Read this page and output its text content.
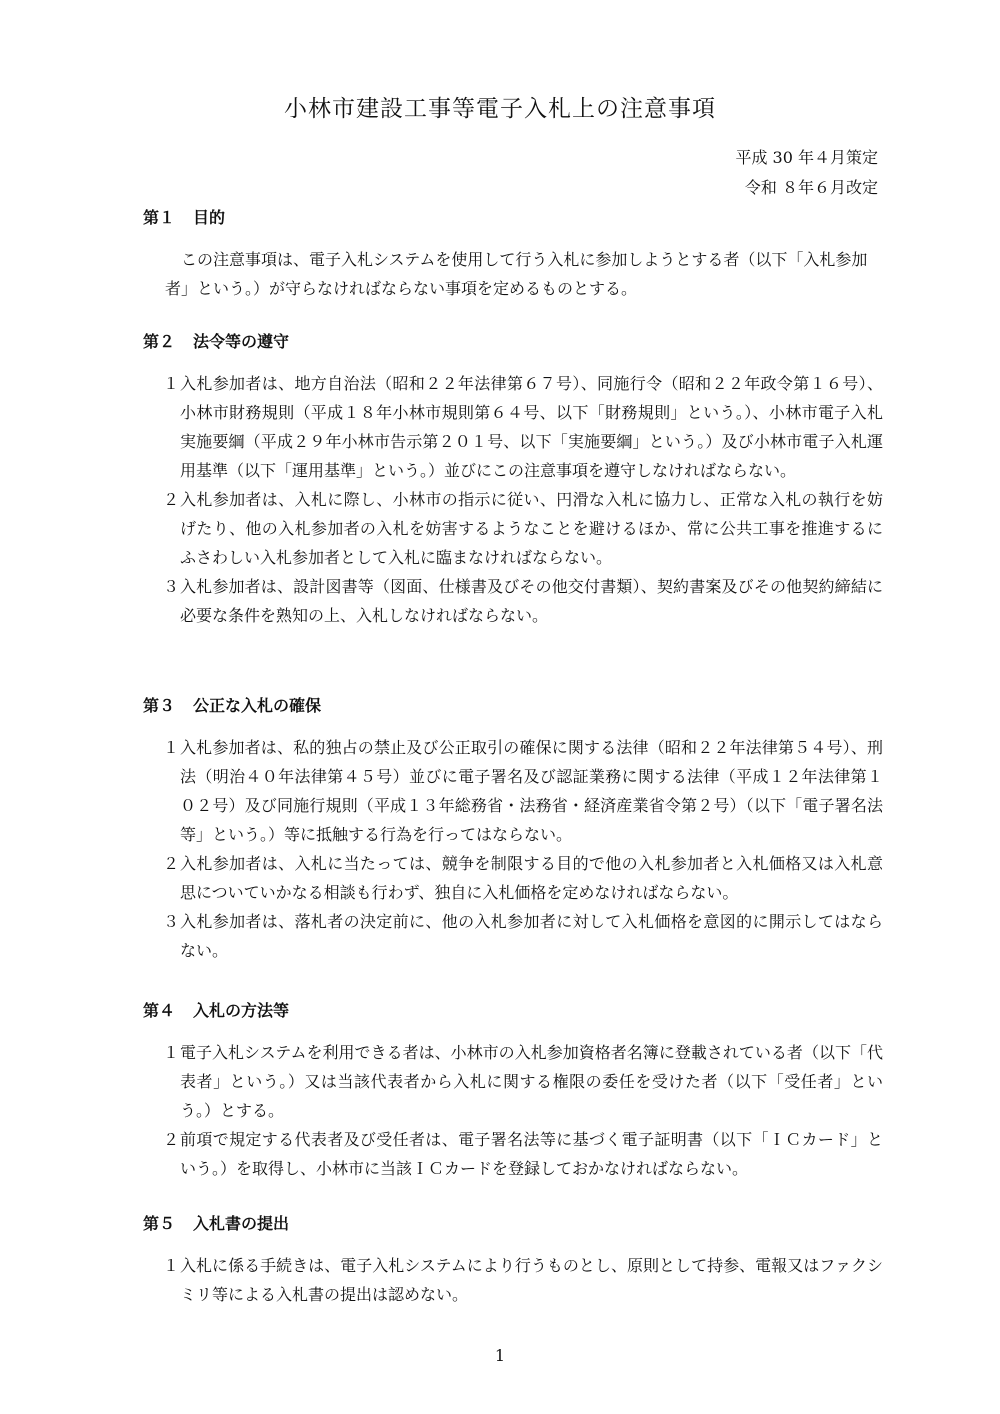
小林市建設工事等電子入札上の注意事項
平成 30 年４月策定
令和 ８年６月改定
第１ 目的
この注意事項は、電子入札システムを使用して行う入札に参加しようとする者（以下「入札参加者」という。）が守らなければならない事項を定めるものとする。
第２ 法令等の遵守
１ 入札参加者は、地方自治法（昭和２２年法律第６７号）、同施行令（昭和２２年政令第１６号）、小林市財務規則（平成１８年小林市規則第６４号、以下「財務規則」という。）、小林市電子入札実施要綱（平成２９年小林市告示第２０１号、以下「実施要綱」という。）及び小林市電子入札運用基準（以下「運用基準」という。）並びにこの注意事項を遵守しなければならない。
２ 入札参加者は、入札に際し、小林市の指示に従い、円滑な入札に協力し、正常な入札の執行を妨げたり、他の入札参加者の入札を妨害するようなことを避けるほか、常に公共工事を推進するにふさわしい入札参加者として入札に臨まなければならない。
３ 入札参加者は、設計図書等（図面、仕様書及びその他交付書類）、契約書案及びその他契約締結に必要な条件を熟知の上、入札しなければならない。
第３ 公正な入札の確保
１ 入札参加者は、私的独占の禁止及び公正取引の確保に関する法律（昭和２２年法律第５４号）、刑法（明治４０年法律第４５号）並びに電子署名及び認証業務に関する法律（平成１２年法律第１０２号）及び同施行規則（平成１３年総務省・法務省・経済産業省令第２号）（以下「電子署名法等」という。）等に抵触する行為を行ってはならない。
２ 入札参加者は、入札に当たっては、競争を制限する目的で他の入札参加者と入札価格又は入札意思についていかなる相談も行わず、独自に入札価格を定めなければならない。
３ 入札参加者は、落札者の決定前に、他の入札参加者に対して入札価格を意図的に開示してはならない。
第４ 入札の方法等
１ 電子入札システムを利用できる者は、小林市の入札参加資格者名簿に登載されている者（以下「代表者」という。）又は当該代表者から入札に関する権限の委任を受けた者（以下「受任者」という。）とする。
２ 前項で規定する代表者及び受任者は、電子署名法等に基づく電子証明書（以下「ＩＣカード」という。）を取得し、小林市に当該ＩＣカードを登録しておかなければならない。
第５ 入札書の提出
１ 入札に係る手続きは、電子入札システムにより行うものとし、原則として持参、電報又はファクシミリ等による入札書の提出は認めない。
1
